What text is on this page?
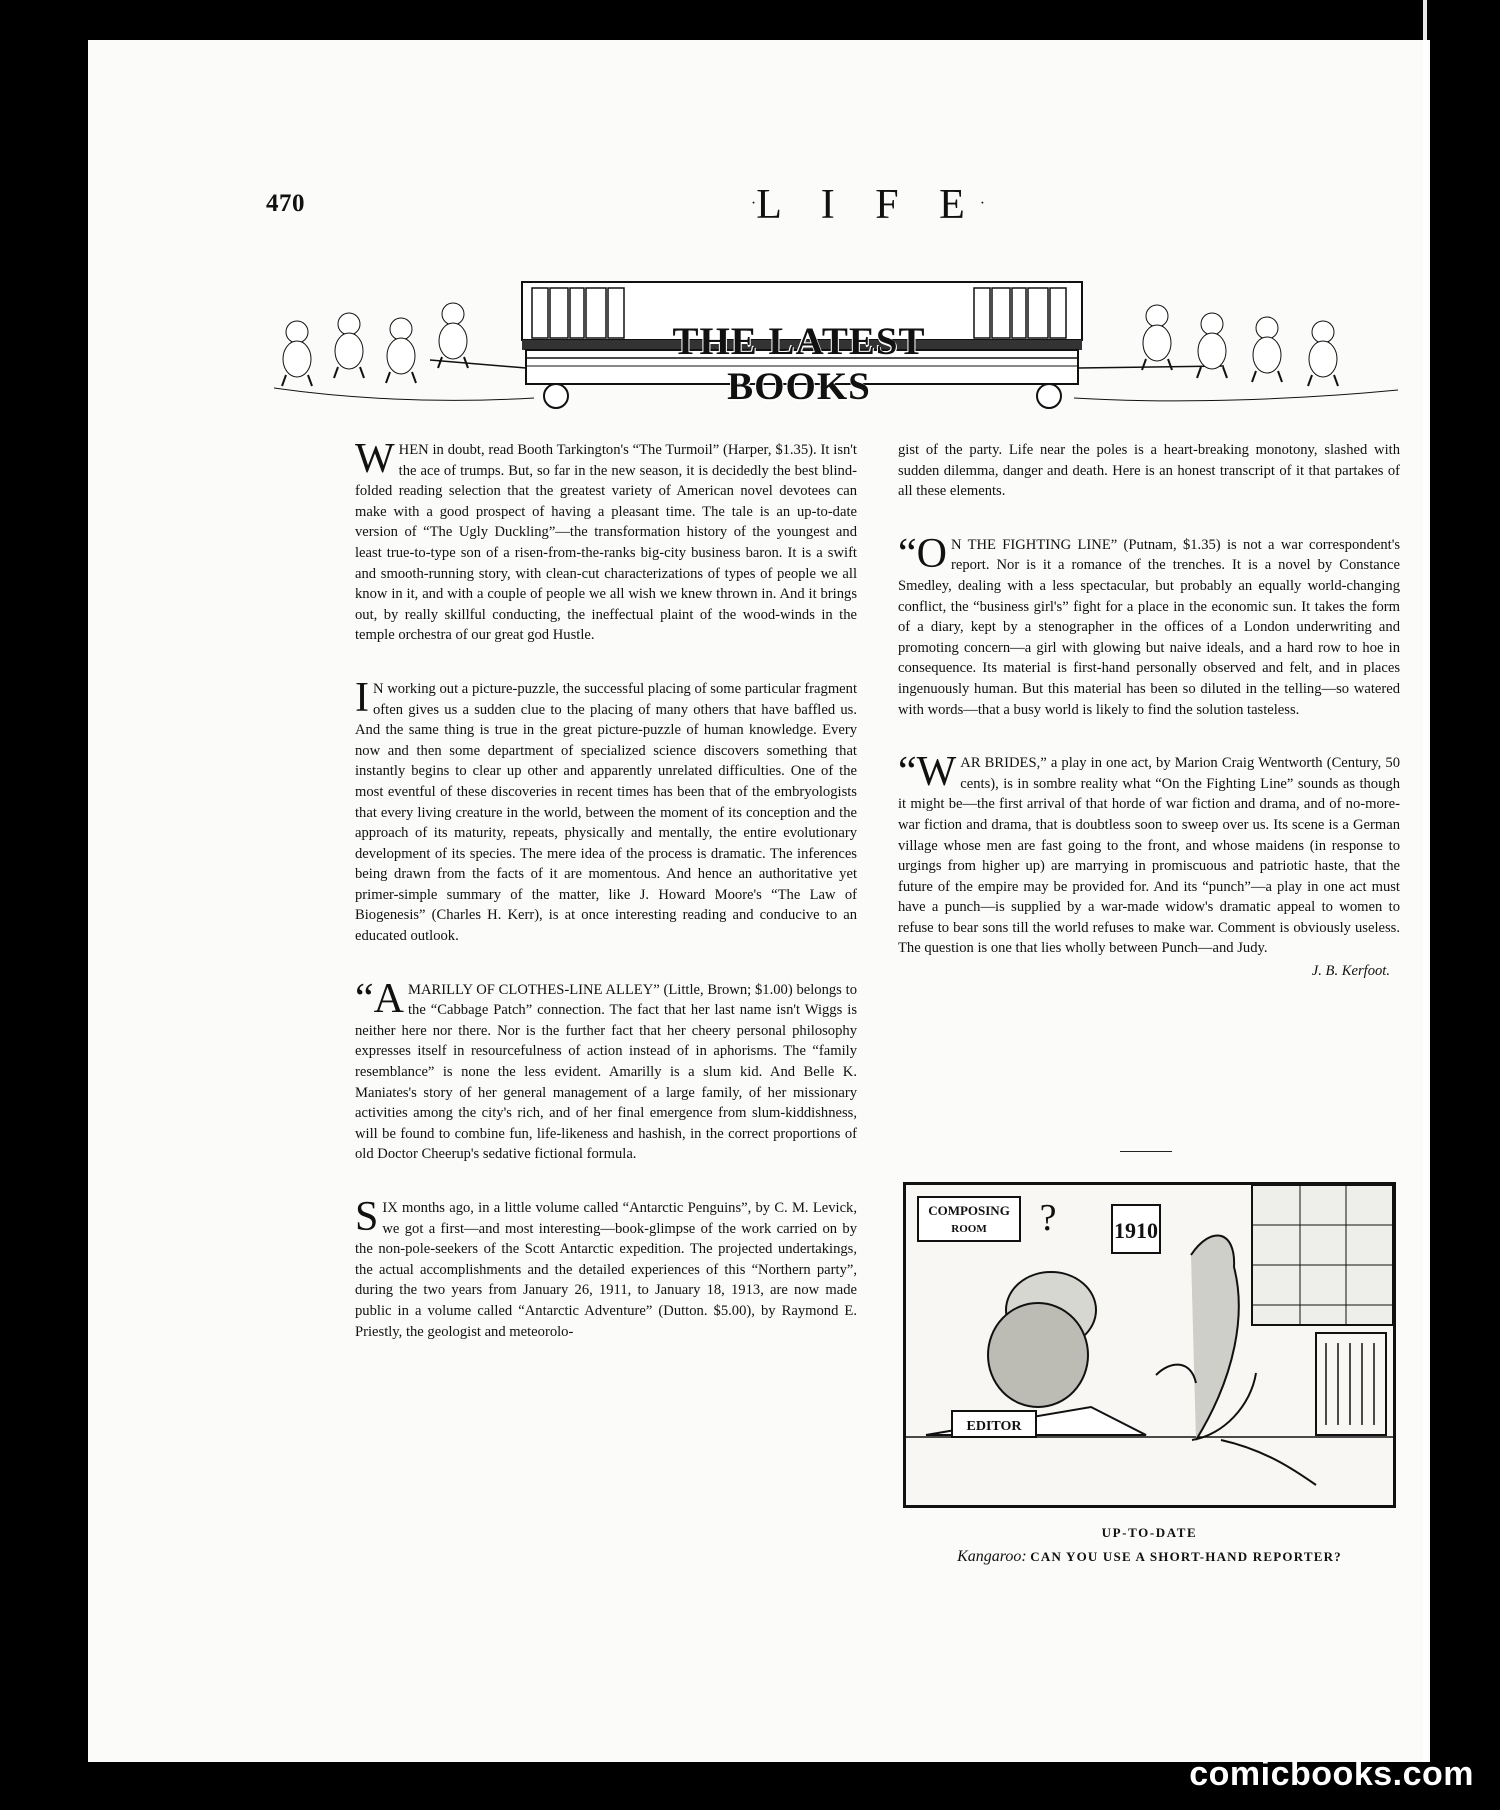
470	·L I F E·
THE LATEST BOOKS

WHEN in doubt, read Booth Tarkington's “The Turmoil” (Harper, $1.35). It isn't the ace of trumps. But, so far in the new season, it is decidedly the best blind-folded reading selection that the greatest variety of American novel devotees can make with a good prospect of having a pleasant time. The tale is an up-to-date version of “The Ugly Duckling”—the transformation history of the youngest and least true-to-type son of a risen-from-the-ranks big-city business baron. It is a swift and smooth-running story, with clean-cut characterizations of types of people we all know in it, and with a couple of people we all wish we knew thrown in. And it brings out, by really skillful conducting, the ineffectual plaint of the wood-winds in the temple orchestra of our great god Hustle.

I N working out a picture-puzzle, the successful placing of some particular fragment often gives us a sudden clue to the placing of many others that have baffled us. And the same thing is true in the great picture-puzzle of human knowledge. Every now and then some department of specialized science discovers something that instantly begins to clear up other and apparently unrelated difficulties. One of the most eventful of these discoveries in recent times has been that of the embryologists that every living creature in the world, between the moment of its conception and the approach of its maturity, repeats, physically and mentally, the entire evolutionary development of its species. The mere idea of the process is dramatic. The inferences being drawn from the facts of it are momentous. And hence an authoritative yet primer-simple summary of the matter, like J. Howard Moore's “The Law of Biogenesis” (Charles H. Kerr), is at once interesting reading and conducive to an educated outlook.

“AMARILLY OF CLOTHES-LINE ALLEY” (Little, Brown; $1.00) belongs to the “Cabbage Patch” connection. The fact that her last name isn't Wiggs is neither here nor there. Nor is the further fact that her cheery personal philosophy expresses itself in resourcefulness of action instead of in aphorisms. The “family resemblance” is none the less evident. Amarilly is a slum kid. And Belle K. Maniates's story of her general management of a large family, of her missionary activities among the city's rich, and of her final emergence from slum-kiddishness, will be found to combine fun, life-likeness and hashish, in the correct proportions of old Doctor Cheerup's sedative fictional formula.

SIX months ago, in a little volume called “Antarctic Penguins”, by C. M. Levick, we got a first—and most interesting—book-glimpse of the work carried on by the non-pole-seekers of the Scott Antarctic expedition. The projected undertakings, the actual accomplishments and the detailed experiences of this “Northern party”, during the two years from January 26, 1911, to January 18, 1913, are now made public in a volume called “Antarctic Adventure” (Dutton. $5.00), by Raymond E. Priestly, the geologist and meteorolo-

gist of the party. Life near the poles is a heart-breaking monotony, slashed with sudden dilemma, danger and death. Here is an honest transcript of it that partakes of all these elements.

“O N THE FIGHTING LINE” (Putnam, $1.35) is not a war correspondent's report. Nor is it a romance of the trenches. It is a novel by Constance Smedley, dealing with a less spectacular, but probably an equally world-changing conflict, the “business girl's” fight for a place in the economic sun. It takes the form of a diary, kept by a stenographer in the offices of a London underwriting and promoting concern—a girl with glowing but naive ideals, and a hard row to hoe in consequence. Its material is first-hand personally observed and felt, and in places ingenuously human. But this material has been so diluted in the telling—so watered with words—that a busy world is likely to find the solution tasteless.

“WAR BRIDES,” a play in one act, by Marion Craig Wentworth (Century, 50 cents), is in sombre reality what “On the Fighting Line” sounds as though it might be—the first arrival of that horde of war fiction and drama, and of no-more-war fiction and drama, that is doubtless soon to sweep over us. Its scene is a German village whose men are fast going to the front, and whose maidens (in response to urgings from higher up) are marrying in promiscuous and patriotic haste, that the future of the empire may be provided for. And its “punch”—a play in one act must have a punch—is supplied by a war-made widow's dramatic appeal to women to refuse to bear sons till the world refuses to make war. Comment is obviously useless. The question is one that lies wholly between Punch—and Judy.

J. B. Kerfoot.
COMPOSING
ROOM	1910
?
EDITOR
UP-TO-DATE
Kangaroo: CAN YOU USE A SHORT-HAND REPORTER?
comicbooks.com
